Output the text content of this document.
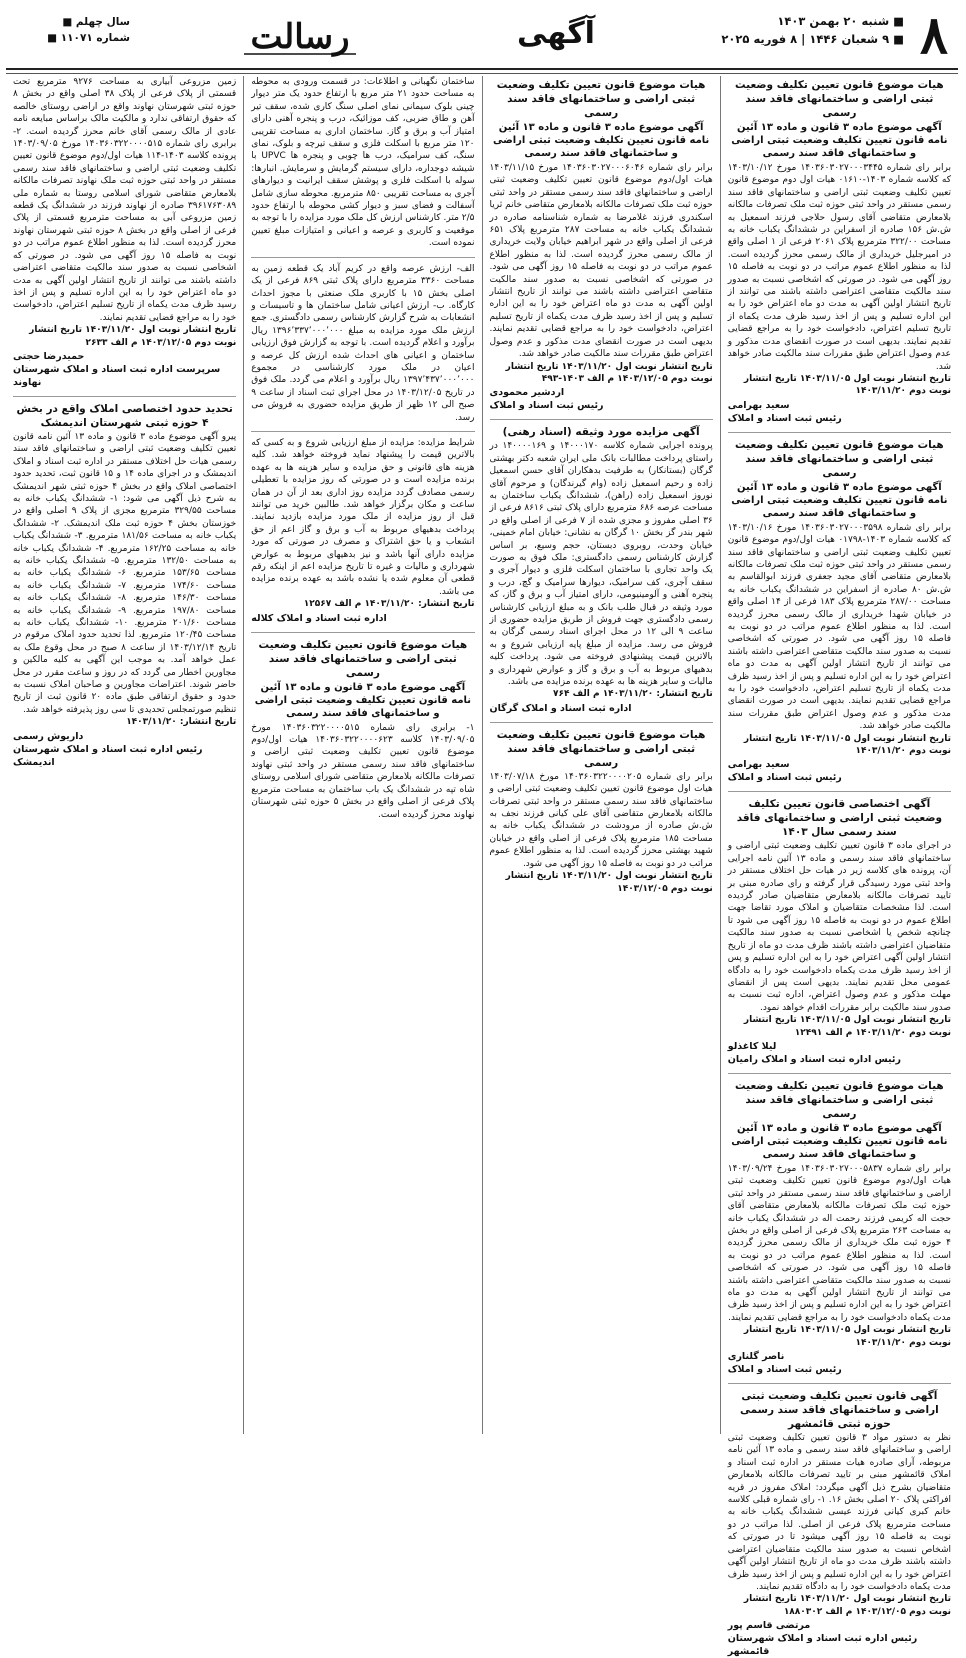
۸
■ شنبه ۲۰ بهمن ۱۴۰۳
■ ۹ شعبان ۱۴۴۶ | ۸ فوریه ۲۰۲۵
آگهی
رسالت
سال چهلم ■
شماره ۱۱۰۷۱ ■
هیات موضوع قانون تعیین تکلیف وضعیت ثبتی اراضی و ساختمانهای فاقد سند رسمی
آگهی موضوع ماده ۳ قانون و ماده ۱۳ آئین نامه قانون تعیین تکلیف وضعیت ثبتی اراضی و ساختمانهای فاقد سند رسمی
برابر رای شماره ۱۴۰۳۶۰۳۰۲۷۰۰۰۳۴۴۵ مورخ ۱۴۰۳/۱۰/۱۲ که کلاسه شماره ۱۴۰۳-۰۱۶۱۰ هیات اول دوم موضوع قانون تعیین تکلیف وضعیت ثبتی اراضی و ساختمانهای فاقد سند رسمی مستقر در واحد ثبتی حوزه ثبت ملک تصرفات مالکانه بلامعارض متقاضی آقای رسول حلاجی فرزند اسمعیل به ش.ش ۱۵۶ صادره از اسفراین در ششدانگ یکباب خانه به مساحت ۳۲۲/۰۰ مترمربع پلاک ۲۰۶۱ فرعی از ۱ اصلی واقع در امیرجلیل خریداری از مالک رسمی محرز گردیده است. لذا به منظور اطلاع عموم مراتب در دو نوبت به فاصله ۱۵ روز آگهی می شود. در صورتی که اشخاصی نسبت به صدور سند مالکیت متقاضی اعتراضی داشته باشند می توانند از تاریخ انتشار اولین آگهی به مدت دو ماه اعتراض خود را به این اداره تسلیم و پس از اخذ رسید ظرف مدت یکماه از تاریخ تسلیم اعتراض، دادخواست خود را به مراجع قضایی تقدیم نمایند. بدیهی است در صورت انقضای مدت مذکور و عدم وصول اعتراض طبق مقررات سند مالکیت صادر خواهد شد.
تاریخ انتشار نوبت اول ۱۴۰۳/۱۱/۰۵ تاریخ انتشار نوبت دوم ۱۴۰۳/۱۱/۲۰
سعید بهرامی
رئیس ثبت اسناد و املاک
هیات موضوع قانون تعیین تکلیف وضعیت ثبتی اراضی و ساختمانهای فاقد سند رسمی
آگهی موضوع ماده ۳ قانون و ماده ۱۳ آئین نامه قانون تعیین تکلیف وضعیت ثبتی اراضی و ساختمانهای فاقد سند رسمی
برابر رای شماره ۱۴۰۳۶۰۳۰۲۷۰۰۰۳۵۹۸ مورخ ۱۴۰۳/۱۰/۱۶ که کلاسه شماره ۱۴۰۳-۰۱۷۹۸ هیات اول/دوم موضوع قانون تعیین تکلیف وضعیت ثبتی اراضی و ساختمانهای فاقد سند رسمی مستقر در واحد ثبتی حوزه ثبت ملک تصرفات مالکانه بلامعارض متقاضی آقای مجید جعفری فرزند ابوالقاسم به ش.ش ۸۰ صادره از اسفراین در ششدانگ یکباب خانه به مساحت ۲۸۷/۰۰ مترمربع پلاک ۱۸۳ فرعی از ۱۴ اصلی واقع در خیابان شهدا خریداری از مالک رسمی محرز گردیده است. لذا به منظور اطلاع عموم مراتب در دو نوبت به فاصله ۱۵ روز آگهی می شود. در صورتی که اشخاصی نسبت به صدور سند مالکیت متقاضی اعتراضی داشته باشند می توانند از تاریخ انتشار اولین آگهی به مدت دو ماه اعتراض خود را به این اداره تسلیم و پس از اخذ رسید ظرف مدت یکماه از تاریخ تسلیم اعتراض، دادخواست خود را به مراجع قضایی تقدیم نمایند. بدیهی است در صورت انقضای مدت مذکور و عدم وصول اعتراض طبق مقررات سند مالکیت صادر خواهد شد.
تاریخ انتشار نوبت اول ۱۴۰۳/۱۱/۰۵ تاریخ انتشار نوبت دوم ۱۴۰۳/۱۱/۲۰
سعید بهرامی
رئیس ثبت اسناد و املاک
آگهی اختصاصی قانون تعیین تکلیف وضعیت ثبتی اراضی و ساختمانهای فاقد سند رسمی سال ۱۴۰۳
در اجرای ماده ۳ قانون تعیین تکلیف وضعیت ثبتی اراضی و ساختمانهای فاقد سند رسمی و ماده ۱۳ آئین نامه اجرایی آن، پرونده های کلاسه زیر در هیات حل اختلاف مستقر در واحد ثبتی مورد رسیدگی قرار گرفته و رای صادره مبنی بر تایید تصرفات مالکانه بلامعارض متقاضیان صادر گردیده است. لذا مشخصات متقاضیان و املاک مورد تقاضا جهت اطلاع عموم در دو نوبت به فاصله ۱۵ روز آگهی می شود تا چنانچه شخص یا اشخاصی نسبت به صدور سند مالکیت متقاضیان اعتراضی داشته باشند ظرف مدت دو ماه از تاریخ انتشار اولین آگهی اعتراض خود را به این اداره تسلیم و پس از اخذ رسید ظرف مدت یکماه دادخواست خود را به دادگاه عمومی محل تقدیم نمایند. بدیهی است پس از انقضای مهلت مذکور و عدم وصول اعتراض، اداره ثبت نسبت به صدور سند مالکیت برابر مقررات اقدام خواهد نمود.
تاریخ انتشار نوبت اول ۱۴۰۳/۱۱/۰۵ تاریخ انتشار نوبت دوم ۱۴۰۳/۱۱/۲۰ م الف ۱۲۴۹۱
لیلا کاغذلو
رئیس اداره ثبت اسناد و املاک رامیان
هیات موضوع قانون تعیین تکلیف وضعیت ثبتی اراضی و ساختمانهای فاقد سند رسمی
آگهی موضوع ماده ۳ قانون و ماده ۱۳ آئین نامه قانون تعیین تکلیف وضعیت ثبتی اراضی و ساختمانهای فاقد سند رسمی
برابر رای شماره ۱۴۰۳۶۰۳۰۲۷۰۰۰۵۸۳۷ مورخ ۱۴۰۳/۰۹/۲۴ هیات اول/دوم موضوع قانون تعیین تکلیف وضعیت ثبتی اراضی و ساختمانهای فاقد سند رسمی مستقر در واحد ثبتی حوزه ثبت ملک تصرفات مالکانه بلامعارض متقاضی آقای حجت اله کریمی فرزند رحمت اله در ششدانگ یکباب خانه به مساحت ۲۶۳ مترمربع پلاک فرعی از اصلی واقع در بخش ۴ حوزه ثبت ملک خریداری از مالک رسمی محرز گردیده است. لذا به منظور اطلاع عموم مراتب در دو نوبت به فاصله ۱۵ روز آگهی می شود. در صورتی که اشخاصی نسبت به صدور سند مالکیت متقاضی اعتراضی داشته باشند می توانند از تاریخ انتشار اولین آگهی به مدت دو ماه اعتراض خود را به این اداره تسلیم و پس از اخذ رسید ظرف مدت یکماه دادخواست خود را به مراجع قضایی تقدیم نمایند.
تاریخ انتشار نوبت اول ۱۴۰۳/۱۱/۰۵ تاریخ انتشار نوبت دوم ۱۴۰۳/۱۱/۲۰
ناصر گلناری
رئیس ثبت اسناد و املاک
آگهی قانون تعیین تکلیف وضعیت ثبتی اراضی و ساختمانهای فاقد سند رسمی حوزه ثبتی قائمشهر
نظر به دستور مواد ۳ قانون تعیین تکلیف وضعیت ثبتی اراضی و ساختمانهای فاقد سند رسمی و ماده ۱۳ آئین نامه مربوطه، آرای صادره هیات مستقر در اداره ثبت اسناد و املاک قائمشهر مبنی بر تایید تصرفات مالکانه بلامعارض متقاضیان بشرح ذیل آگهی میگردد: املاک مفروز در قریه افراکتی پلاک ۲۰ اصلی بخش ۱۶. ۱- رای شماره قبلی کلاسه خانم کبری کیانی فرزند عیسی ششدانگ یکباب خانه به مساحت مترمربع پلاک فرعی از اصلی. لذا مراتب در دو نوبت به فاصله ۱۵ روز آگهی میشود تا در صورتی که اشخاص نسبت به صدور سند مالکیت متقاضیان اعتراضی داشته باشند ظرف مدت دو ماه از تاریخ انتشار اولین آگهی اعتراض خود را به این اداره تسلیم و پس از اخذ رسید ظرف مدت یکماه دادخواست خود را به دادگاه تقدیم نمایند.
تاریخ انتشار نوبت اول ۱۴۰۳/۱۱/۲۰ تاریخ انتشار نوبت دوم ۱۴۰۳/۱۲/۰۵ م الف ۱۸۸۰۳۰۲
مرتضی قاسم پور
رئیس اداره ثبت اسناد و املاک شهرستان قائمشهر
هیات موضوع قانون تعیین تکلیف وضعیت ثبتی اراضی و ساختمانهای فاقد سند رسمی
آگهی موضوع ماده ۳ قانون و ماده ۱۳ آئین نامه قانون تعیین تکلیف وضعیت ثبتی اراضی و ساختمانهای فاقد سند رسمی
برابر رای شماره ۱۴۰۳۶۰۳۰۲۷۰۰۰۶۰۴۶ مورخ ۱۴۰۳/۱۱/۱۵ هیات اول/دوم موضوع قانون تعیین تکلیف وضعیت ثبتی اراضی و ساختمانهای فاقد سند رسمی مستقر در واحد ثبتی حوزه ثبت ملک تصرفات مالکانه بلامعارض متقاضی خانم ثریا اسکندری فرزند غلامرضا به شماره شناسنامه صادره در ششدانگ یکباب خانه به مساحت ۲۸۷ مترمربع پلاک ۶۵۱ فرعی از اصلی واقع در شهر ابراهیم خیابان ولایت خریداری از مالک رسمی محرز گردیده است. لذا به منظور اطلاع عموم مراتب در دو نوبت به فاصله ۱۵ روز آگهی می شود. در صورتی که اشخاصی نسبت به صدور سند مالکیت متقاضی اعتراضی داشته باشند می توانند از تاریخ انتشار اولین آگهی به مدت دو ماه اعتراض خود را به این اداره تسلیم و پس از اخذ رسید ظرف مدت یکماه از تاریخ تسلیم اعتراض، دادخواست خود را به مراجع قضایی تقدیم نمایند. بدیهی است در صورت انقضای مدت مذکور و عدم وصول اعتراض طبق مقررات سند مالکیت صادر خواهد شد.
تاریخ انتشار نوبت اول ۱۴۰۳/۱۱/۲۰ تاریخ انتشار نوبت دوم ۱۴۰۳/۱۲/۰۵ م الف ۱۴۰۳-۴۹۳
اردشیر محمودی
رئیس ثبت اسناد و املاک
آگهی مزایده مورد وثیقه (اسناد رهنی)
پرونده اجرایی شماره کلاسه ۱۴۰۰۰۱۷۰ و ۱۴۰۰۰۰۱۶۹ در راستای پرداخت مطالبات بانک ملی ایران شعبه دکتر بهشتی گرگان (بستانکار) به طرفیت بدهکاران آقای حسن اسمعیل زاده و رحیم اسمعیل زاده (وام گیرندگان) و مرحوم آقای نوروز اسمعیل زاده (راهن)، ششدانگ یکباب ساختمان به مساحت عرصه ۶۸۶ مترمربع دارای پلاک ثبتی ۸۶۱۶ فرعی از ۳۶ اصلی مفروز و مجزی شده از ۷ فرعی از اصلی واقع در شهر بندر گز بخش ۱۰ گرگان به نشانی: خیابان امام خمینی، خیابان وحدت، روبروی دبستان، حجم وسیع، بر اساس گزارش کارشناس رسمی دادگستری: ملک فوق به صورت یک واحد تجاری با ساختمان اسکلت فلزی و دیوار آجری و سقف آجری، کف سرامیک، دیوارها سرامیک و گچ، درب و پنجره آهنی و آلومینیومی، دارای امتیاز آب و برق و گاز، که مورد وثیقه در قبال طلب بانک و به مبلغ ارزیابی کارشناس رسمی دادگستری جهت فروش از طریق مزایده حضوری از ساعت ۹ الی ۱۲ در محل اجرای اسناد رسمی گرگان به فروش می رسد. مزایده از مبلغ پایه ارزیابی شروع و به بالاترین قیمت پیشنهادی فروخته می شود. پرداخت کلیه بدهیهای مربوط به آب و برق و گاز و عوارض شهرداری و مالیات و سایر هزینه ها به عهده برنده مزایده می باشد.
تاریخ انتشار: ۱۴۰۳/۱۱/۲۰ م الف ۷۶۴
اداره ثبت اسناد و املاک گرگان
هیات موضوع قانون تعیین تکلیف وضعیت ثبتی اراضی و ساختمانهای فاقد سند رسمی
برابر رای شماره ۱۴۰۳۶۰۳۲۲۰۰۰۰۲۰۵ مورخ ۱۴۰۳/۰۷/۱۸ هیات اول موضوع قانون تعیین تکلیف وضعیت ثبتی اراضی و ساختمانهای فاقد سند رسمی مستقر در واحد ثبتی تصرفات مالکانه بلامعارض متقاضی آقای علی کیانی فرزند نجف به ش.ش صادره از مرودشت در ششدانگ یکباب خانه به مساحت ۱۸۵ مترمربع پلاک فرعی از اصلی واقع در خیابان شهید بهشتی محرز گردیده است. لذا به منظور اطلاع عموم مراتب در دو نوبت به فاصله ۱۵ روز آگهی می شود.
تاریخ انتشار نوبت اول ۱۴۰۳/۱۱/۲۰ تاریخ انتشار نوبت دوم ۱۴۰۳/۱۲/۰۵
ساختمان نگهبانی و اطلاعات: در قسمت ورودی به محوطه به مساحت حدود ۲۱ متر مربع با ارتفاع حدود یک متر دیوار چینی بلوک سیمانی نمای اصلی سنگ کاری شده، سقف تیر آهن و طاق ضربی، کف موزائیک، درب و پنجره آهنی دارای امتیاز آب و برق و گاز. ساختمان اداری به مساحت تقریبی ۱۲۰ متر مربع با اسکلت فلزی و سقف تیرچه و بلوک، نمای سنگ، کف سرامیک، درب ها چوبی و پنجره ها UPVC با شیشه دوجداره، دارای سیستم گرمایش و سرمایش. انبارها: سوله با اسکلت فلزی و پوشش سقف ایرانیت و دیوارهای آجری به مساحت تقریبی ۸۵۰ مترمربع. محوطه سازی شامل آسفالت و فضای سبز و دیوار کشی محوطه با ارتفاع حدود ۲/۵ متر. کارشناس ارزش کل ملک مورد مزایده را با توجه به موقعیت و کاربری و عرصه و اعیانی و امتیازات مبلغ تعیین نموده است.
الف- ارزش عرصه واقع در کریم آباد یک قطعه زمین به مساحت ۳۳۶۰ مترمربع دارای پلاک ثبتی ۸۶۹ فرعی از یک اصلی بخش ۱۵ با کاربری ملک صنعتی با مجوز احداث کارگاه. ب- ارزش اعیانی شامل ساختمان ها و تاسیسات و انشعابات به شرح گزارش کارشناس رسمی دادگستری. جمع ارزش ملک مورد مزایده به مبلغ ۱۳۹۶٬۳۳۷٬۰۰۰٬۰۰۰ ریال برآورد و اعلام گردیده است. با توجه به گزارش فوق ارزیابی ساختمان و اعیانی های احداث شده ارزش کل عرصه و اعیان در ملک مورد کارشناسی در مجموع ۱۳۹۷٬۴۳۷٬۰۰۰٬۰۰۰ ریال برآورد و اعلام می گردد. ملک فوق در تاریخ ۱۴۰۳/۱۲/۰۵ در محل اجرای ثبت اسناد از ساعت ۹ صبح الی ۱۲ ظهر از طریق مزایده حضوری به فروش می رسد.
شرایط مزایده: مزایده از مبلغ ارزیابی شروع و به کسی که بالاترین قیمت را پیشنهاد نماید فروخته خواهد شد. کلیه هزینه های قانونی و حق مزایده و سایر هزینه ها به عهده برنده مزایده است و در صورتی که روز مزایده با تعطیلی رسمی مصادف گردد مزایده روز اداری بعد از آن در همان ساعت و مکان برگزار خواهد شد. طالبین خرید می توانند قبل از روز مزایده از ملک مورد مزایده بازدید نمایند. پرداخت بدهیهای مربوط به آب و برق و گاز اعم از حق انشعاب و یا حق اشتراک و مصرف در صورتی که مورد مزایده دارای آنها باشد و نیز بدهیهای مربوط به عوارض شهرداری و مالیات و غیره تا تاریخ مزایده اعم از اینکه رقم قطعی آن معلوم شده یا نشده باشد به عهده برنده مزایده می باشد.
تاریخ انتشار: ۱۴۰۳/۱۱/۲۰ م الف ۱۲۵۶۷
اداره ثبت اسناد و املاک کلاله
هیات موضوع قانون تعیین تکلیف وضعیت ثبتی اراضی و ساختمانهای فاقد سند رسمی
آگهی موضوع ماده ۳ قانون و ماده ۱۳ آئین نامه قانون تعیین تکلیف وضعیت ثبتی اراضی و ساختمانهای فاقد سند رسمی
۱- برابری رای شماره ۱۴۰۳۶۰۳۲۲۰۰۰۰۵۱۵ مورخ ۱۴۰۳/۰۹/۰۵ کلاسه ۱۴۰۳۶۰۳۲۲۰۰۰۰۶۲۳ هیات اول/دوم موضوع قانون تعیین تکلیف وضعیت ثبتی اراضی و ساختمانهای فاقد سند رسمی مستقر در واحد ثبتی نهاوند تصرفات مالکانه بلامعارض متقاضی شورای اسلامی روستای شاه تپه در ششدانگ یک باب ساختمان به مساحت مترمربع پلاک فرعی از اصلی واقع در بخش ۵ حوزه ثبتی شهرستان نهاوند محرز گردیده است.
زمین مزروعی آبیاری به مساحت ۹۲۷۶ مترمربع تحت قسمتی از پلاک فرعی از پلاک ۳۸ اصلی واقع در بخش ۸ حوزه ثبتی شهرستان نهاوند واقع در اراضی روستای خالصه که حقوق ارتفاقی ندارد و مالکیت مالک براساس مبایعه نامه عادی از مالک رسمی آقای خانم محرز گردیده است. ۲- برابری رای شماره ۱۴۰۳۶۰۳۲۲۰۰۰۰۵۱۵ مورخ ۱۴۰۳/۰۹/۰۵ پرونده کلاسه ۱۴۰۳-۱۱۴ هیات اول/دوم موضوع قانون تعیین تکلیف وضعیت ثبتی اراضی و ساختمانهای فاقد سند رسمی مستقر در واحد ثبتی حوزه ثبت ملک نهاوند تصرفات مالکانه بلامعارض متقاضی شورای اسلامی روستا به شماره ملی ۳۹۶۱۷۶۳۰۸۹ صادره از نهاوند فرزند در ششدانگ یک قطعه زمین مزروعی آبی به مساحت مترمربع قسمتی از پلاک فرعی از اصلی واقع در بخش ۸ حوزه ثبتی شهرستان نهاوند محرز گردیده است. لذا به منظور اطلاع عموم مراتب در دو نوبت به فاصله ۱۵ روز آگهی می شود. در صورتی که اشخاصی نسبت به صدور سند مالکیت متقاضی اعتراضی داشته باشند می توانند از تاریخ انتشار اولین آگهی به مدت دو ماه اعتراض خود را به این اداره تسلیم و پس از اخذ رسید ظرف مدت یکماه از تاریخ تسلیم اعتراض، دادخواست خود را به مراجع قضایی تقدیم نمایند.
تاریخ انتشار نوبت اول ۱۴۰۳/۱۱/۲۰ تاریخ انتشار نوبت دوم ۱۴۰۳/۱۲/۰۵ م الف ۲۶۳۳
حمیدرضا حجتی
سرپرست اداره ثبت اسناد و املاک شهرستان نهاوند
تحدید حدود اختصاصی املاک واقع در بخش ۴ حوزه ثبتی شهرستان اندیمشک
پیرو آگهی موضوع ماده ۳ قانون و ماده ۱۳ آئین نامه قانون تعیین تکلیف وضعیت ثبتی اراضی و ساختمانهای فاقد سند رسمی هیات حل اختلاف مستقر در اداره ثبت اسناد و املاک اندیمشک و در اجرای ماده ۱۴ و ۱۵ قانون ثبت، تحدید حدود اختصاصی املاک واقع در بخش ۴ حوزه ثبتی شهر اندیمشک به شرح ذیل آگهی می شود: ۱- ششدانگ یکباب خانه به مساحت ۳۲۹/۵۵ مترمربع مجزی از پلاک ۹ اصلی واقع در خوزستان بخش ۴ حوزه ثبت ملک اندیمشک. ۲- ششدانگ یکباب خانه به مساحت ۱۸۱/۵۶ مترمربع. ۳- ششدانگ یکباب خانه به مساحت ۱۶۲/۲۵ مترمربع. ۴- ششدانگ یکباب خانه به مساحت ۱۳۲/۵۰ مترمربع. ۵- ششدانگ یکباب خانه به مساحت ۱۵۳/۶۵ مترمربع. ۶- ششدانگ یکباب خانه به مساحت ۱۷۴/۶۰ مترمربع. ۷- ششدانگ یکباب خانه به مساحت ۱۴۶/۳۰ مترمربع. ۸- ششدانگ یکباب خانه به مساحت ۱۹۷/۸۰ مترمربع. ۹- ششدانگ یکباب خانه به مساحت ۲۰۱/۶۰ مترمربع. ۱۰- ششدانگ یکباب خانه به مساحت ۱۲۰/۴۵ مترمربع. لذا تحدید حدود املاک مرقوم در تاریخ ۱۴۰۳/۱۲/۱۴ از ساعت ۸ صبح در محل وقوع ملک به عمل خواهد آمد. به موجب این آگهی به کلیه مالکین و مجاورین اخطار می گردد که در روز و ساعت مقرر در محل حاضر شوند. اعتراضات مجاورین و صاحبان املاک نسبت به حدود و حقوق ارتفاقی طبق ماده ۲۰ قانون ثبت از تاریخ تنظیم صورتمجلس تحدیدی تا سی روز پذیرفته خواهد شد.
تاریخ انتشار: ۱۴۰۳/۱۱/۲۰
داریوش رسمی
رئیس اداره ثبت اسناد و املاک شهرستان اندیمشک
